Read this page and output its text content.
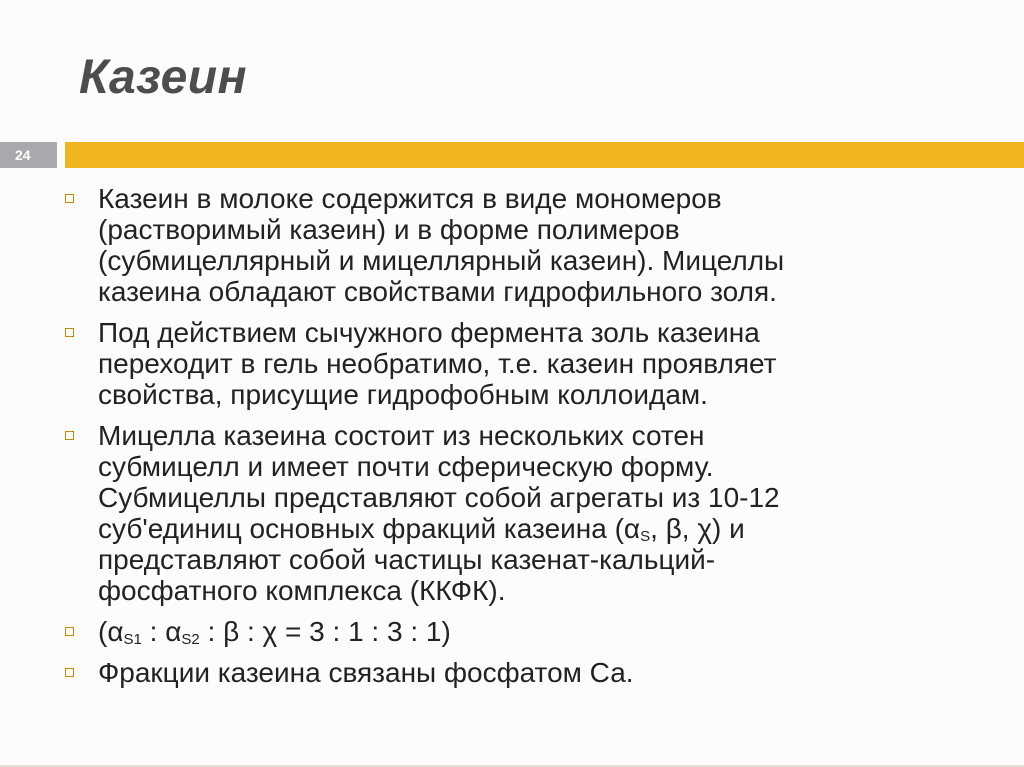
Казеин
24
Казеин в молоке содержится в виде мономеров
(растворимый казеин) и в форме полимеров
(субмицеллярный и мицеллярный казеин). Мицеллы
казеина обладают свойствами гидрофильного золя.
Под действием сычужного фермента золь казеина
переходит в гель необратимо, т.е. казеин проявляет
свойства, присущие гидрофобным коллоидам.
Мицелла казеина состоит из нескольких сотен
субмицелл и имеет почти сферическую форму.
Субмицеллы представляют собой агрегаты из 10-12
суб'единиц основных фракций казеина ($\alpha_S$, β, χ) и
представляют собой частицы казенат-кальций-
фосфатного комплекса (ККФК).
($\alpha_{S1}$ : $\alpha_{S2}$ : β : χ = 3 : 1 : 3 : 1)
Фракции казеина связаны фосфатом Са.
